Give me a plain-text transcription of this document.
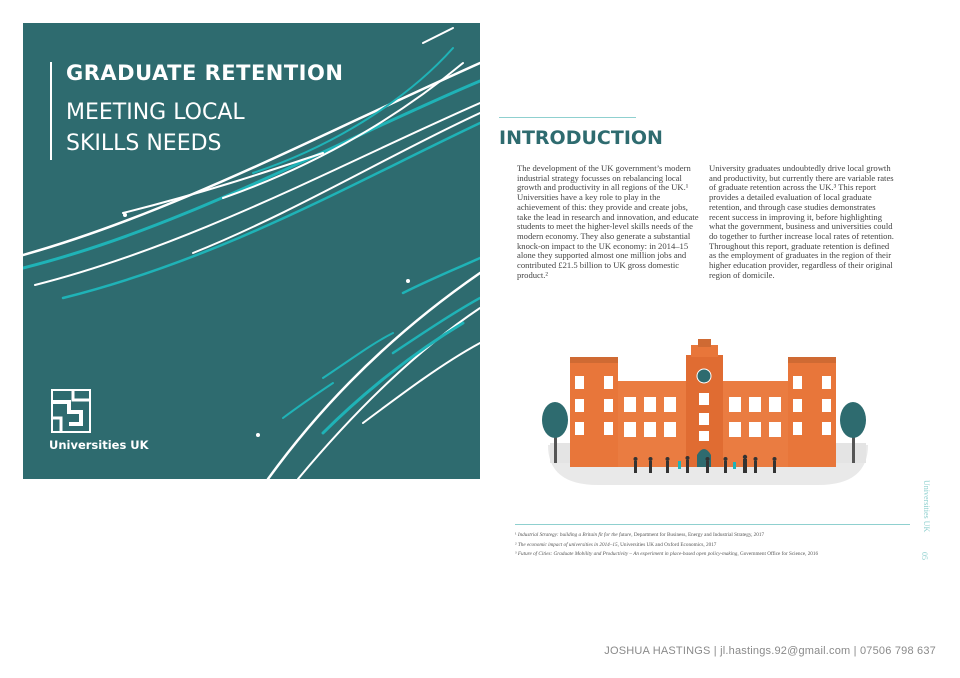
GRADUATE RETENTION
MEETING LOCAL
SKILLS NEEDS
Universities UK
INTRODUCTION
The development of the UK government’s modern industrial strategy focusses on rebalancing local growth and productivity in all regions of the UK.¹ Universities have a key role to play in the achievement of this: they provide and create jobs, take the lead in research and innovation, and educate students to meet the higher-level skills needs of the modern economy. They also generate a substantial knock-on impact to the UK economy: in 2014–15 alone they supported almost one million jobs and contributed £21.5 billion to UK gross domestic product.²
University graduates undoubtedly drive local growth and productivity, but currently there are variable rates of graduate retention across the UK.³ This report provides a detailed evaluation of local graduate retention, and through case studies demonstrates recent success in improving it, before highlighting what the government, business and universities could do together to further increase local rates of retention. Throughout this report, graduate retention is defined as the employment of graduates in the region of their higher education provider, regardless of their original region of domicile.
Universities UK
05
¹ Industrial Strategy: building a Britain fit for the future, Department for Business, Energy and Industrial Strategy, 2017
² The economic impact of universities in 2014–15, Universities UK and Oxford Economics, 2017
³ Future of Cities: Graduate Mobility and Productivity – An experiment in place-based open policy-making, Government Office for Science, 2016
JOSHUA HASTINGS | jl.hastings.92@gmail.com | 07506 798 637
